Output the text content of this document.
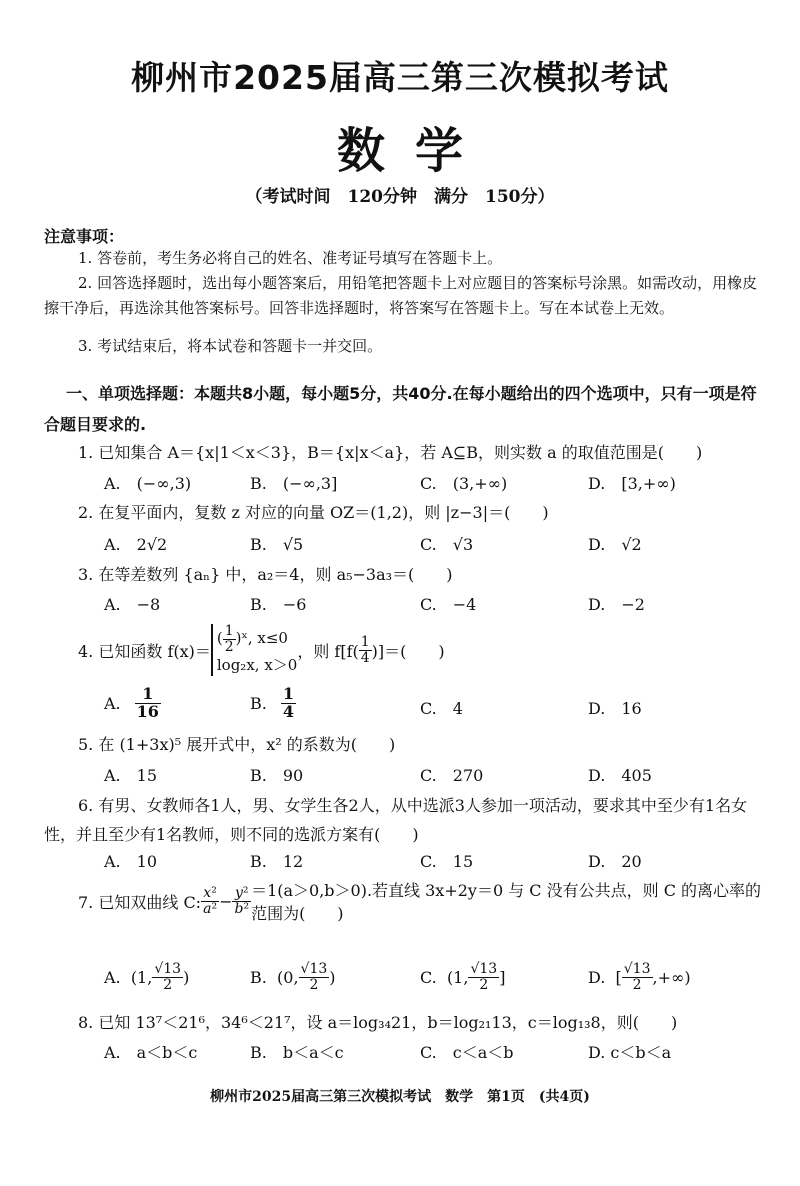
柳州市2025届高三第三次模拟考试
数学
（考试时间　120分钟　满分　150分）
注意事项：
1. 答卷前，考生务必将自己的姓名、准考证号填写在答题卡上。
2. 回答选择题时，选出每小题答案后，用铅笔把答题卡上对应题目的答案标号涂黑。如需改动，用橡皮擦干净后，再选涂其他答案标号。回答非选择题时，将答案写在答题卡上。写在本试卷上无效。
3. 考试结束后，将本试卷和答题卡一并交回。
一、单项选择题：本题共8小题，每小题5分，共40分.在每小题给出的四个选项中，只有一项是符合题目要求的.
1. 已知集合 A＝{x|1＜x＜3}，B＝{x|x＜a}，若 A⊆B，则实数 a 的取值范围是(　　)
A.　(−∞,3)	B.　(−∞,3]	C.　(3,+∞)	D.　[3,+∞)
2. 在复平面内，复数 z 对应的向量 OZ＝(1,2)，则 |z−3|＝(　　)
A.　2√2	B.　√5	C.　√3	D.　√2
3. 在等差数列 {aₙ} 中，a₂＝4，则 a₅−3a₃＝(　　)
A.　−8	B.　−6	C.　−4	D.　−2
4. 已知函数 f(x)＝
( $\frac{1}{2}$ )ˣ, x≤0
log₂x, x＞0
，则 $f[f( \frac{1}{4}$ )]＝(　　)
A. $\frac{1}{16}$	B. $\frac{1}{4}$	C.　 4	D.　 16
5. 在 (1+3x)⁵ 展开式中，x² 的系数为(　　)
A.　15	B.　90	C.　270	D.　405
6. 有男、女教师各1人，男、女学生各2人，从中选派3人参加一项活动，要求其中至少有1名女性，并且至少有1名教师，则不同的选派方案有(　　)
A.　10	B.　12	C.　15	D.　20
7. 已知双曲线 C: $\frac{\text{x²}}{\text{a²}} - \frac{\text{y²}}{\text{b²}} =1(a>0,b>0)$.若直线 3x+2y＝0 与 C 没有公共点，则 C 的离心率的范围为(　　)
A.
(1, $\frac{√13}{2}$ )	B.
(0, $\frac{√13}{2}$ )	C.
(1, $\frac{√13}{2}$ ]	D.
[ $\frac{√13}{2}$ ,+∞)
8. 已知 13⁷＜21⁶，34⁶＜21⁷，设 a＝log₃₄21，b＝log₂₁13，c＝log₁₃8，则(　　)
A.　a＜b＜c	B.　b＜a＜c	C.　c＜a＜b	D. c＜b＜a
柳州市2025届高三第三次模拟考试　数学　第1页　(共4页)
